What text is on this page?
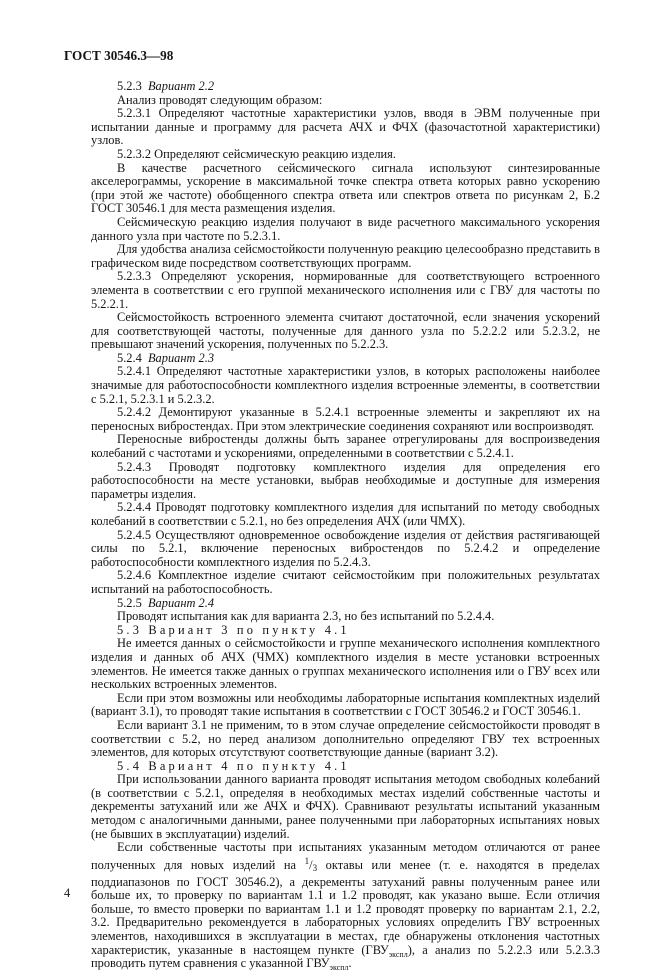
ГОСТ 30546.3—98

5.2.3 Вариант 2.2

Анализ проводят следующим образом:

5.2.3.1 Определяют частотные характеристики узлов, вводя в ЭВМ полученные при испытании данные и программу для расчета АЧХ и ФЧХ (фазочастотной характеристики) узлов.

5.2.3.2 Определяют сейсмическую реакцию изделия.

В качестве расчетного сейсмического сигнала используют синтезированные акселерограммы, ускорение в максимальной точке спектра ответа которых равно ускорению (при этой же частоте) обобщенного спектра ответа или спектров ответа по рисункам 2, Б.2 ГОСТ 30546.1 для места размещения изделия.

Сейсмическую реакцию изделия получают в виде расчетного максимального ускорения данного узла при частоте по 5.2.3.1.

Для удобства анализа сейсмостойкости полученную реакцию целесообразно представить в графическом виде посредством соответствующих программ.

5.2.3.3 Определяют ускорения, нормированные для соответствующего встроенного элемента в соответствии с его группой механического исполнения или с ГВУ для частоты по 5.2.2.1.

Сейсмостойкость встроенного элемента считают достаточной, если значения ускорений для соответствующей частоты, полученные для данного узла по 5.2.2.2 или 5.2.3.2, не превышают значений ускорения, полученных по 5.2.2.3.

5.2.4 Вариант 2.3

5.2.4.1 Определяют частотные характеристики узлов, в которых расположены наиболее значимые для работоспособности комплектного изделия встроенные элементы, в соответствии с 5.2.1, 5.2.3.1 и 5.2.3.2.

5.2.4.2 Демонтируют указанные в 5.2.4.1 встроенные элементы и закрепляют их на переносных вибростендах. При этом электрические соединения сохраняют или воспроизводят.

Переносные вибростенды должны быть заранее отрегулированы для воспроизведения колебаний с частотами и ускорениями, определенными в соответствии с 5.2.4.1.

5.2.4.3 Проводят подготовку комплектного изделия для определения его работоспособности на месте установки, выбрав необходимые и доступные для измерения параметры изделия.

5.2.4.4 Проводят подготовку комплектного изделия для испытаний по методу свободных колебаний в соответствии с 5.2.1, но без определения АЧХ (или ЧМХ).

5.2.4.5 Осуществляют одновременное освобождение изделия от действия растягивающей силы по 5.2.1, включение переносных вибростендов по 5.2.4.2 и определение работоспособности комплектного изделия по 5.2.4.3.

5.2.4.6 Комплектное изделие считают сейсмостойким при положительных результатах испытаний на работоспособность.

5.2.5 Вариант 2.4

Проводят испытания как для варианта 2.3, но без испытаний по 5.2.4.4.

5.3 Вариант 3 по пункту 4.1

Не имеется данных о сейсмостойкости и группе механического исполнения комплектного изделия и данных об АЧХ (ЧМХ) комплектного изделия в месте установки встроенных элементов. Не имеется также данных о группах механического исполнения или о ГВУ всех или нескольких встроенных элементов.

Если при этом возможны или необходимы лабораторные испытания комплектных изделий (вариант 3.1), то проводят такие испытания в соответствии с ГОСТ 30546.2 и ГОСТ 30546.1.

Если вариант 3.1 не применим, то в этом случае определение сейсмостойкости проводят в соответствии с 5.2, но перед анализом дополнительно определяют ГВУ тех встроенных элементов, для которых отсутствуют соответствующие данные (вариант 3.2).

5.4 Вариант 4 по пункту 4.1

При использовании данного варианта проводят испытания методом свободных колебаний (в соответствии с 5.2.1, определяя в необходимых местах изделий собственные частоты и декременты затуханий или же АЧХ и ФЧХ). Сравнивают результаты испытаний указанным методом с аналогичными данными, ранее полученными при лабораторных испытаниях новых (не бывших в эксплуатации) изделий.

Если собственные частоты при испытаниях указанным методом отличаются от ранее полученных для новых изделий на $^1$/3 октавы или менее (т. е. находятся в пределах поддиапазонов по ГОСТ 30546.2), а декременты затуханий равны полученным ранее или больше их, то проверку по вариантам 1.1 и 1.2 проводят, как указано выше. Если отличия больше, то вместо проверки по вариантам 1.1 и 1.2 проводят проверку по вариантам 2.1, 2.2, 3.2. Предварительно рекомендуется в лабораторных условиях определить ГВУ встроенных элементов, находившихся в эксплуатации в местах, где обнаружены отклонения частотных характеристик, указанные в настоящем пункте $(ГВУ_{экспл})$, а анализ по 5.2.2.3 или 5.2.3.3 проводить путем сравнения с указанной $ГВУ_{экспл}$.

4
